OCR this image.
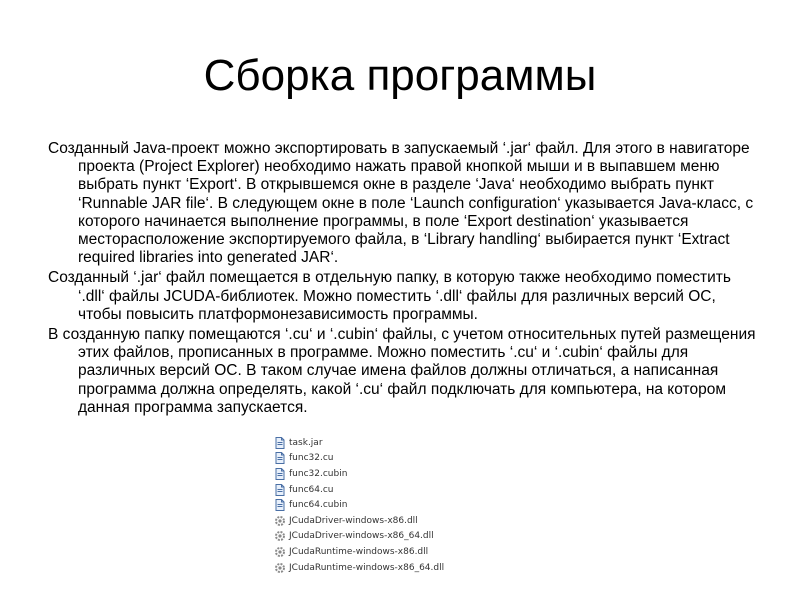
Сборка программы

Созданный Java-проект можно экспортировать в запускаемый ‘.jar‘ файл. Для этого в навигаторе проекта (Project Explorer) необходимо нажать правой кнопкой мыши и в выпавшем меню выбрать пункт ‘Export‘. В открывшемся окне в разделе ‘Java‘ необходимо выбрать пункт ‘Runnable JAR file‘. В следующем окне в поле ‘Launch configuration‘ указывается Java-класс, с которого начинается выполнение программы, в поле ‘Export destination‘ указывается месторасположение экспортируемого файла, в ‘Library handling‘ выбирается пункт ‘Extract required libraries into generated JAR‘.

Созданный ‘.jar‘ файл помещается в отдельную папку, в которую также необходимо поместить ‘.dll‘ файлы JCUDA-библиотек. Можно поместить ‘.dll‘ файлы для различных версий ОС, чтобы повысить платформонезависимость программы.

В созданную папку помещаются ‘.cu‘ и ‘.cubin‘ файлы, с учетом относительных путей размещения этих файлов, прописанных в программе. Можно поместить ‘.cu‘ и ‘.cubin‘ файлы для различных версий ОС. В таком случае имена файлов должны отличаться, а написанная программа должна определять, какой ‘.cu‘ файл подключать для компьютера, на котором данная программа запускается.

task.jar
func32.cu
func32.cubin
func64.cu
func64.cubin
JCudaDriver-windows-x86.dll
JCudaDriver-windows-x86_64.dll
JCudaRuntime-windows-x86.dll
JCudaRuntime-windows-x86_64.dll
